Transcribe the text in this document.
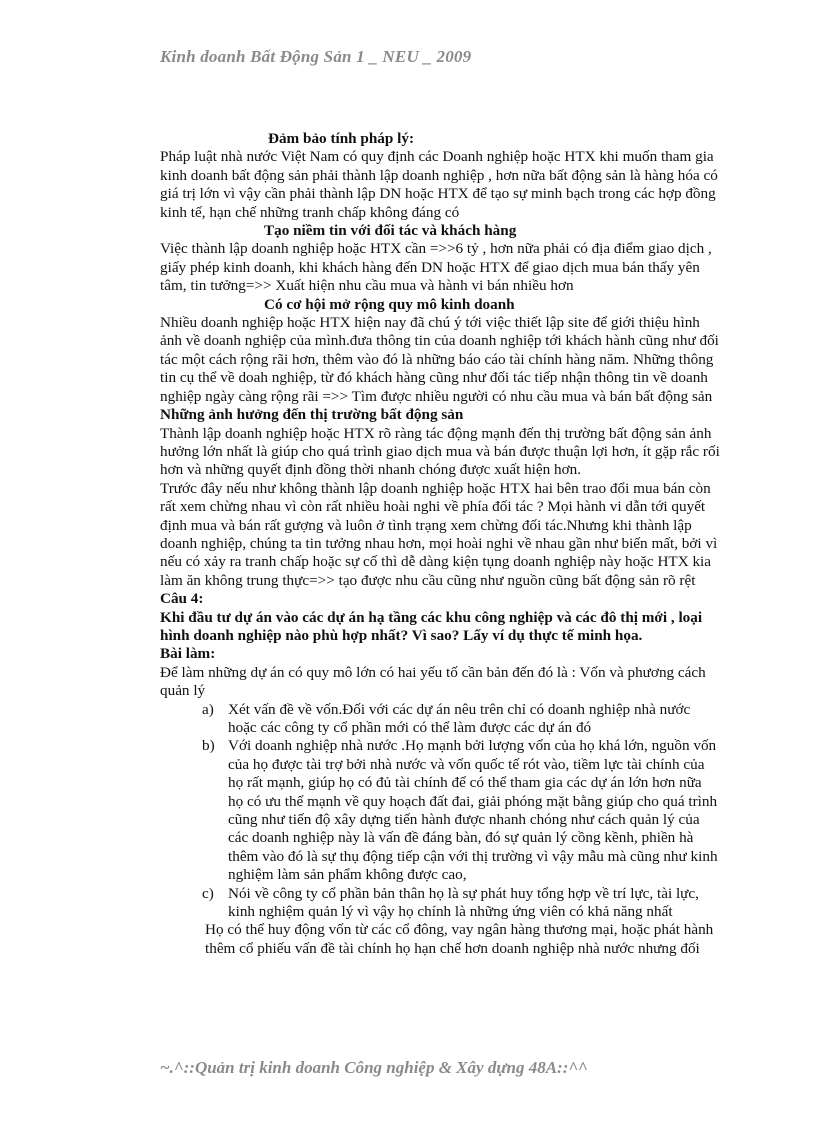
Kinh doanh Bất Động Sản 1 _ NEU _ 2009

Đảm bảo tính pháp lý:

Pháp luật nhà nước Việt Nam có quy định các Doanh nghiệp hoặc HTX khi muốn tham gia kinh doanh bất động sản phải thành lập doanh nghiệp , hơn nữa bất động sản là hàng hóa có giá trị lớn vì vậy cần phải thành lập DN hoặc HTX để tạo sự minh bạch trong các hợp đồng kinh tế, hạn chế những tranh chấp không đáng có

Tạo niềm tin với đối tác và khách hàng

Việc thành lập doanh nghiệp hoặc HTX cần =>>6 tỷ , hơn nữa phải có địa điểm giao dịch , giấy phép kinh doanh, khi khách hàng đến DN hoặc HTX để giao dịch mua bán thấy yên tâm, tin tưởng=>> Xuất hiện nhu cầu mua và hành vi bán nhiều hơn

Có cơ hội mở rộng quy mô kinh doanh

Nhiều doanh nghiệp hoặc HTX hiện nay đã chú ý tới việc thiết lập site để giới thiệu hình ảnh về doanh nghiệp của mình.đưa thông tin của doanh nghiệp tới khách hành cũng như đối tác một cách rộng rãi hơn, thêm vào đó là những báo cáo tài chính hàng năm. Những thông tin cụ thể về doah nghiệp, từ đó khách hàng cũng như đối tác tiếp nhận thông tin về doanh nghiệp ngày càng rộng rãi =>> Tìm được nhiều người có nhu cầu mua và bán bất động sản

Những ảnh hưởng đến thị trường bất động sản

Thành lập doanh nghiệp hoặc HTX rõ ràng tác động mạnh đến thị trường bất động sản ảnh hưởng lớn nhất là giúp cho quá trình giao dịch mua và bán được thuận lợi hơn, ít gặp rắc rối hơn và những quyết định đồng thời nhanh chóng được xuất hiện hơn.

Trước đây nếu như không thành lập doanh nghiệp hoặc HTX hai bên trao đổi mua bán còn rất xem chừng nhau vì còn rất nhiều hoài nghi về phía đối tác ? Mọi hành vi dẫn tới quyết định mua và bán rất gượng và luôn ở tình trạng xem chừng đối tác.Nhưng khi thành lập doanh nghiệp, chúng ta tin tưởng nhau hơn, mọi hoài nghi về nhau gần như biến mất, bởi vì nếu có xảy ra tranh chấp hoặc sự cố thì dễ dàng kiện tụng doanh nghiệp này hoặc HTX kia làm ăn không trung thực=>> tạo được nhu cầu cũng như nguồn cũng bất động sản rõ rệt

Câu 4:

Khi đầu tư dự án vào các dự án hạ tầng các khu công nghiệp và các đô thị mới , loại hình doanh nghiệp nào phù hợp nhất? Vì sao? Lấy ví dụ thực tế minh họa.

Bài làm:

Để làm những dự án có quy mô lớn có hai yếu tố cần bản đến đó là : Vốn và phương cách quản lý

a) Xét vấn đề về vốn.Đối với các dự án nêu trên chỉ có doanh nghiệp nhà nước hoặc các công ty cổ phần mới có thể làm được các dự án đó
b) Với doanh nghiệp nhà nước .Họ mạnh bởi lượng vốn của họ khá lớn, nguồn vốn của họ được tài trợ bởi nhà nước và vốn quốc tế rót vào, tiềm lực tài chính của họ rất mạnh, giúp họ có đủ tài chính để có thể tham gia các dự án lớn hơn nữa họ có ưu thế mạnh về quy hoạch đất đai, giải phóng mặt bằng giúp cho quá trình cũng như tiến độ xây dựng tiến hành được nhanh chóng như cách quản lý của các doanh nghiệp này là vấn đề đáng bàn, đó sự quản lý cồng kềnh, phiền hà thêm vào đó là sự thụ động tiếp cận với thị trường vì vậy mẫu mà cũng như kinh nghiệm làm sản phẩm không được cao,
c) Nói về công ty cổ phần bản thân họ là sự phát huy tổng hợp về trí lực, tài lực, kinh nghiệm quản lý vì vậy họ chính là những ứng viên có khả năng nhất

Họ có thể huy động vốn từ các cổ đông, vay ngân hàng thương mại, hoặc phát hành thêm cổ phiếu vấn đề tài chính họ hạn chế hơn doanh nghiệp nhà nước nhưng đối

~.^::Quản trị kinh doanh Công nghiệp & Xây dựng 48A::^^
